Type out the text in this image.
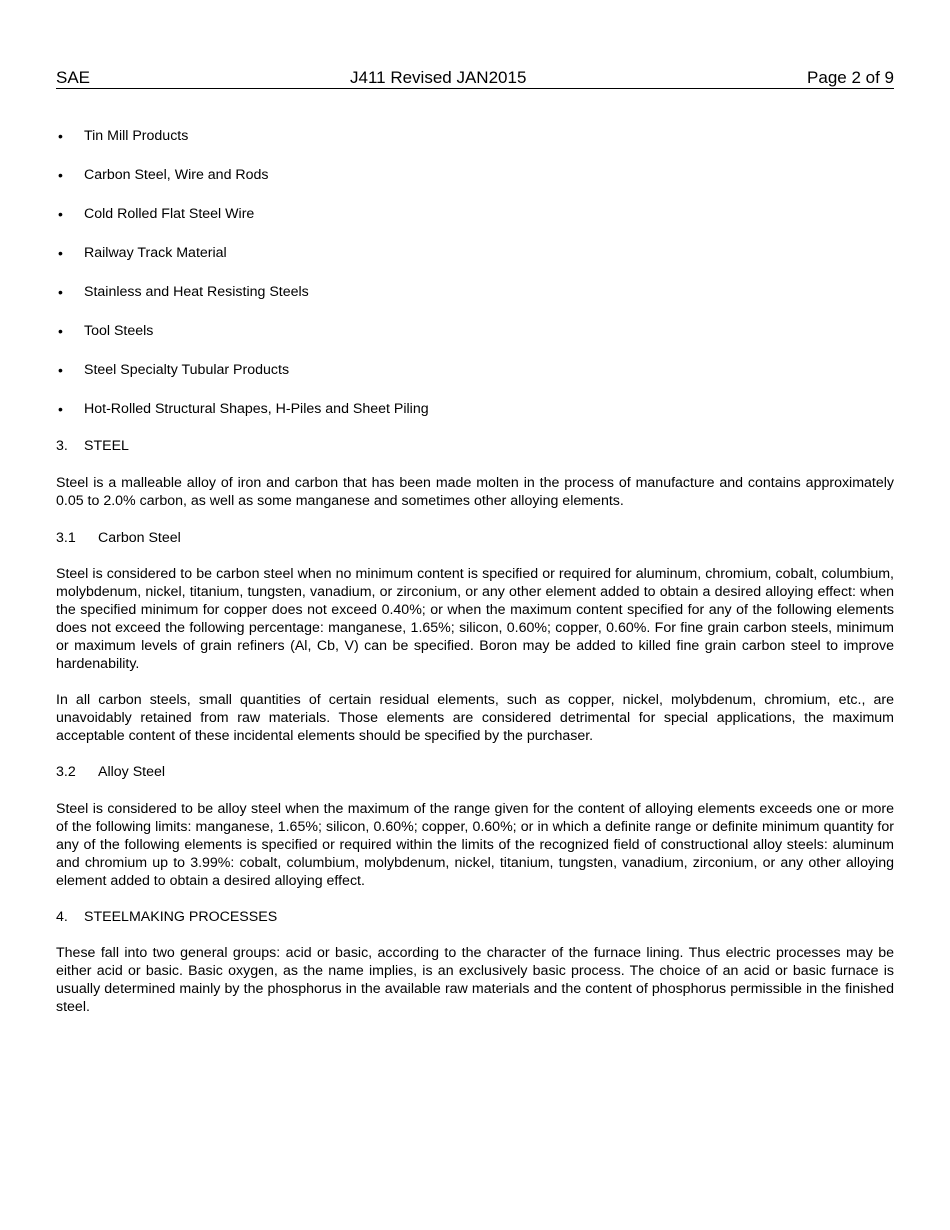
SAE	J411 Revised JAN2015	Page 2 of 9
• Tin Mill Products
• Carbon Steel, Wire and Rods
• Cold Rolled Flat Steel Wire
• Railway Track Material
• Stainless and Heat Resisting Steels
• Tool Steels
• Steel Specialty Tubular Products
• Hot-Rolled Structural Shapes, H-Piles and Sheet Piling
3. STEEL

Steel is a malleable alloy of iron and carbon that has been made molten in the process of manufacture and contains approximately 0.05 to 2.0% carbon, as well as some manganese and sometimes other alloying elements.

3.1 Carbon Steel

Steel is considered to be carbon steel when no minimum content is specified or required for aluminum, chromium, cobalt, columbium, molybdenum, nickel, titanium, tungsten, vanadium, or zirconium, or any other element added to obtain a desired alloying effect: when the specified minimum for copper does not exceed 0.40%; or when the maximum content specified for any of the following elements does not exceed the following percentage: manganese, 1.65%; silicon, 0.60%; copper, 0.60%. For fine grain carbon steels, minimum or maximum levels of grain refiners (Al, Cb, V) can be specified. Boron may be added to killed fine grain carbon steel to improve hardenability.

In all carbon steels, small quantities of certain residual elements, such as copper, nickel, molybdenum, chromium, etc., are unavoidably retained from raw materials. Those elements are considered detrimental for special applications, the maximum acceptable content of these incidental elements should be specified by the purchaser.

3.2 Alloy Steel

Steel is considered to be alloy steel when the maximum of the range given for the content of alloying elements exceeds one or more of the following limits: manganese, 1.65%; silicon, 0.60%; copper, 0.60%; or in which a definite range or definite minimum quantity for any of the following elements is specified or required within the limits of the recognized field of constructional alloy steels: aluminum and chromium up to 3.99%: cobalt, columbium, molybdenum, nickel, titanium, tungsten, vanadium, zirconium, or any other alloying element added to obtain a desired alloying effect.

4. STEELMAKING PROCESSES

These fall into two general groups: acid or basic, according to the character of the furnace lining. Thus electric processes may be either acid or basic. Basic oxygen, as the name implies, is an exclusively basic process. The choice of an acid or basic furnace is usually determined mainly by the phosphorus in the available raw materials and the content of phosphorus permissible in the finished steel.
